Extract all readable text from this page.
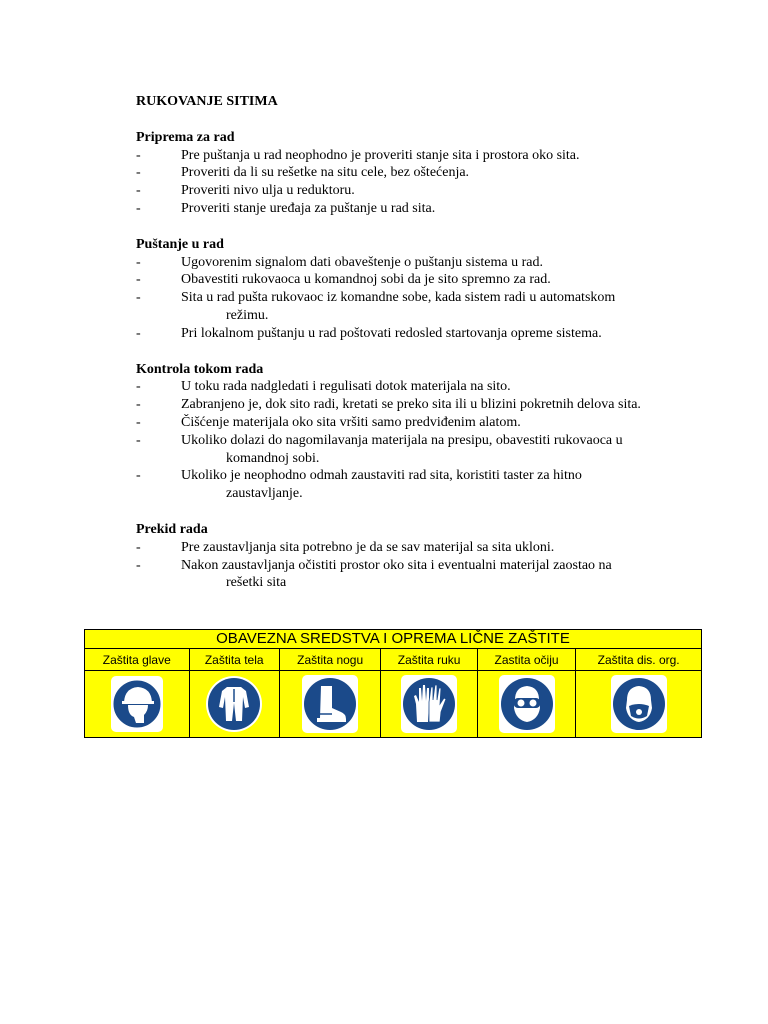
RUKOVANJE SITIMA

Priprema za rad

-	Pre puštanja u rad neophodno je proveriti stanje sita i prostora oko sita.
-	Proveriti da li su rešetke na situ cele, bez oštećenja.
-	Proveriti nivo ulja u reduktoru.
-	Proveriti stanje uređaja za puštanje u rad sita.

Puštanje u rad

-	Ugovorenim signalom dati obaveštenje o puštanju sistema u rad.
-	Obavestiti rukovaoca u komandnoj sobi da je sito spremno za rad.
-	Sita u rad pušta rukovaoc iz komandne sobe, kada sistem radi u automatskom
režimu.
-	Pri lokalnom puštanju u rad poštovati redosled startovanja opreme sistema.

Kontrola tokom rada

-	U toku rada nadgledati i regulisati dotok materijala na sito.
-	Zabranjeno je, dok sito radi, kretati se preko sita ili u blizini pokretnih delova sita.
-	Čišćenje materijala oko sita vršiti samo predviđenim alatom.
-	Ukoliko dolazi do nagomilavanja materijala na presipu, obavestiti rukovaoca u
komandnoj sobi.
-	Ukoliko je neophodno odmah zaustaviti rad sita, koristiti taster za hitno
zaustavljanje.

Prekid rada

-	Pre zaustavljanja sita potrebno je da se sav materijal sa sita ukloni.
-	Nakon zaustavljanja očistiti prostor oko sita i eventualni materijal zaostao na
rešetki sita
OBAVEZNA SREDSTVA I OPREMA LIČNE ZAŠTITE					
Zaštita glave	Zaštita tela	Zaštita nogu	Zaštita ruku	Zastita očiju	Zaštita dis. org.
